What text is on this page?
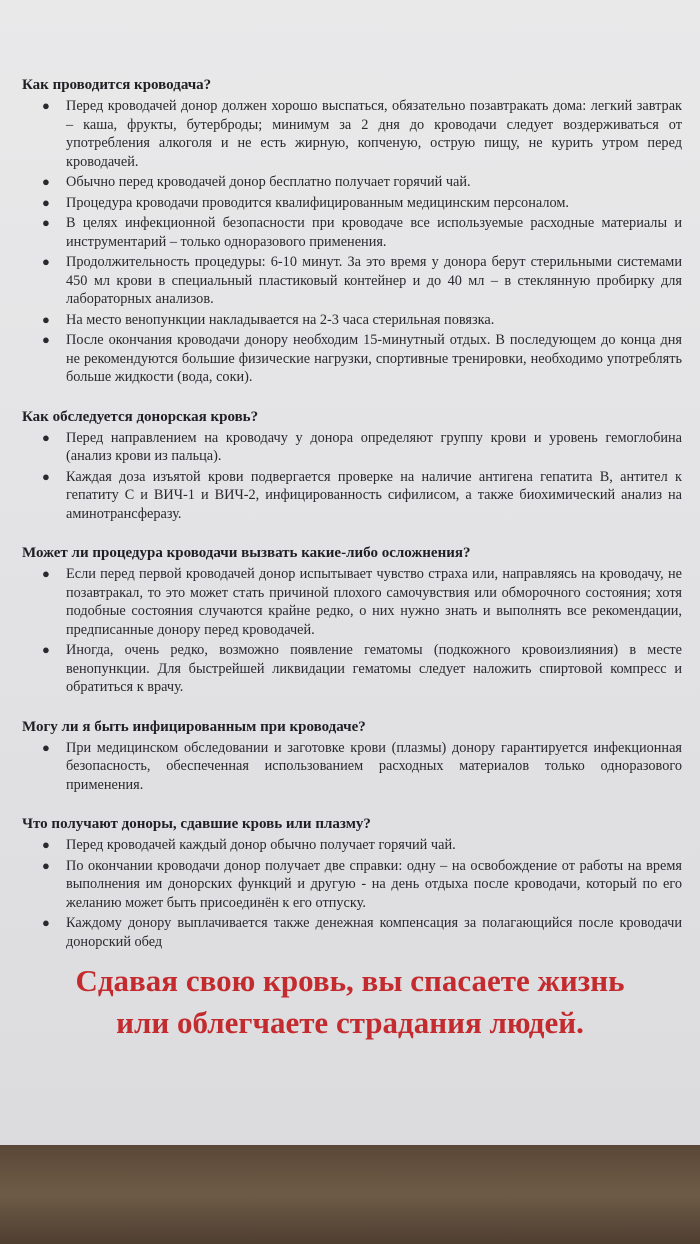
Как проводится кроводача?
● Перед кроводачей донор должен хорошо выспаться, обязательно позавтракать дома: легкий завтрак – каша, фрукты, бутерброды; минимум за 2 дня до кроводачи следует воздерживаться от употребления алкоголя и не есть жирную, копченую, острую пищу, не курить утром перед кроводачей.
● Обычно перед кроводачей донор бесплатно получает горячий чай.
● Процедура кроводачи проводится квалифицированным медицинским персоналом.
● В целях инфекционной безопасности при кроводаче все используемые расходные материалы и инструментарий – только одноразового применения.
● Продолжительность процедуры: 6-10 минут. За это время у донора берут стерильными системами 450 мл крови в специальный пластиковый контейнер и до 40 мл – в стеклянную пробирку для лабораторных анализов.
● На место венопункции накладывается на 2-3 часа стерильная повязка.
● После окончания кроводачи донору необходим 15-минутный отдых. В последующем до конца дня не рекомендуются большие физические нагрузки, спортивные тренировки, необходимо употреблять больше жидкости (вода, соки).
Как обследуется донорская кровь?
● Перед направлением на кроводачу у донора определяют группу крови и уровень гемоглобина (анализ крови из пальца).
● Каждая доза изъятой крови подвергается проверке на наличие антигена гепатита В, антител к гепатиту С и ВИЧ-1 и ВИЧ-2, инфицированность сифилисом, а также биохимический анализ на аминотрансферазу.
Может ли процедура кроводачи вызвать какие-либо осложнения?
● Если перед первой кроводачей донор испытывает чувство страха или, направляясь на кроводачу, не позавтракал, то это может стать причиной плохого самочувствия или обморочного состояния; хотя подобные состояния случаются крайне редко, о них нужно знать и выполнять все рекомендации, предписанные донору перед кроводачей.
● Иногда, очень редко, возможно появление гематомы (подкожного кровоизлияния) в месте венопункции. Для быстрейшей ликвидации гематомы следует наложить спиртовой компресс и обратиться к врачу.
Могу ли я быть инфицированным при кроводаче?
● При медицинском обследовании и заготовке крови (плазмы) донору гарантируется инфекционная безопасность, обеспеченная использованием расходных материалов только одноразового применения.
Что получают доноры, сдавшие кровь или плазму?
● Перед кроводачей каждый донор обычно получает горячий чай.
● По окончании кроводачи донор получает две справки: одну – на освобождение от работы на время выполнения им донорских функций и другую - на день отдыха после кроводачи, который по его желанию может быть присоединён к его отпуску.
● Каждому донору выплачивается также денежная компенсация за полагающийся после кроводачи донорский обед
Сдавая свою кровь, вы спасаете жизнь
или облегчаете страдания людей.
